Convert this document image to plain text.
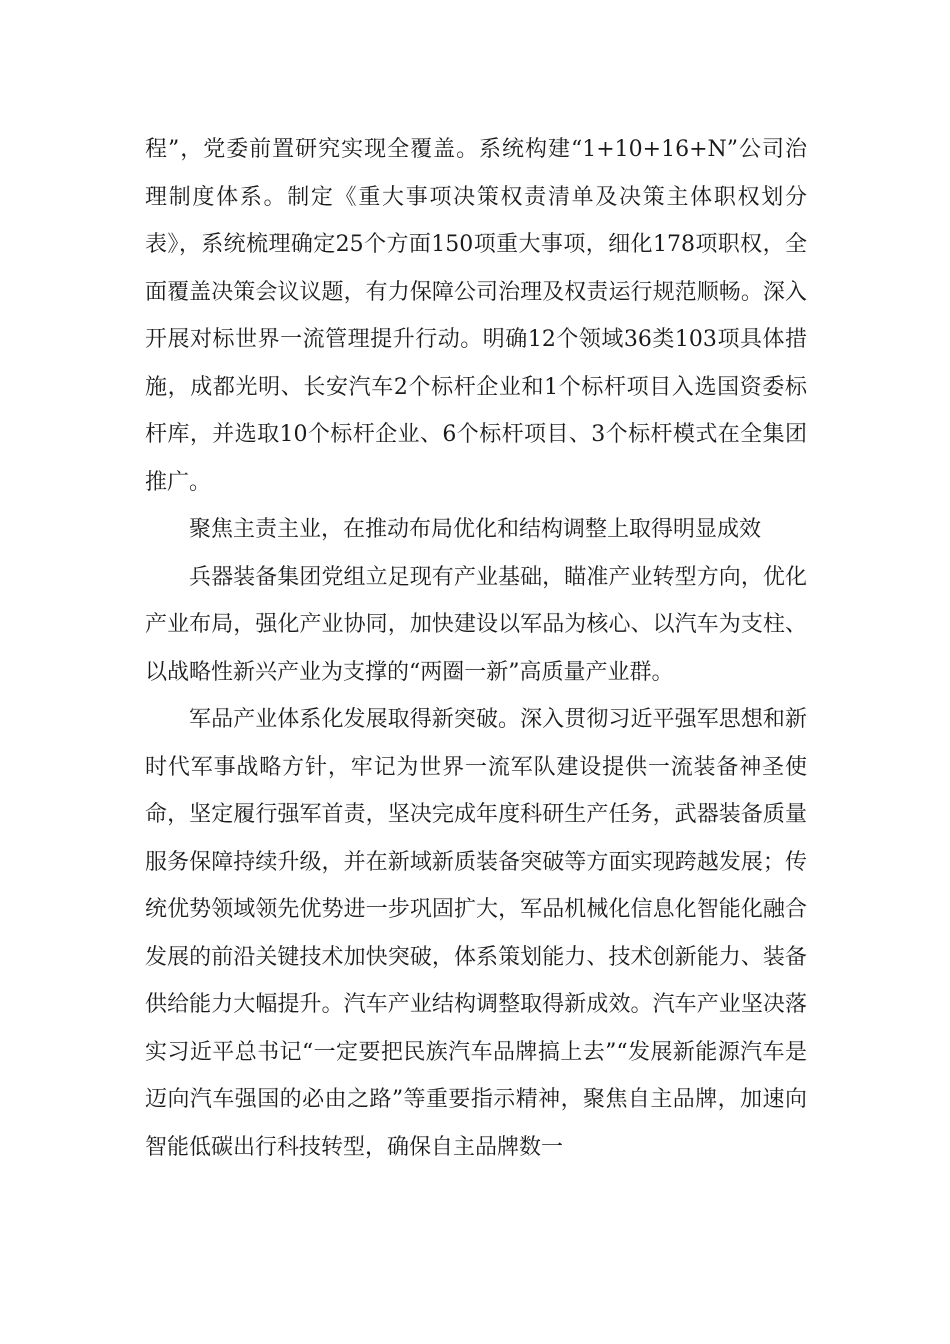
程”，党委前置研究实现全覆盖。系统构建“1+10+16+N”公司治理制度体系。制定《重大事项决策权责清单及决策主体职权划分表》，系统梳理确定25个方面150项重大事项，细化178项职权，全面覆盖决策会议议题，有力保障公司治理及权责运行规范顺畅。深入开展对标世界一流管理提升行动。明确12个领域36类103项具体措施，成都光明、长安汽车2个标杆企业和1个标杆项目入选国资委标杆库，并选取10个标杆企业、6个标杆项目、3个标杆模式在全集团推广。

聚焦主责主业，在推动布局优化和结构调整上取得明显成效

兵器装备集团党组立足现有产业基础，瞄准产业转型方向，优化产业布局，强化产业协同，加快建设以军品为核心、以汽车为支柱、以战略性新兴产业为支撑的“两圈一新”高质量产业群。

军品产业体系化发展取得新突破。深入贯彻习近平强军思想和新时代军事战略方针，牢记为世界一流军队建设提供一流装备神圣使命，坚定履行强军首责，坚决完成年度科研生产任务，武器装备质量服务保障持续升级，并在新域新质装备突破等方面实现跨越发展；传统优势领域领先优势进一步巩固扩大，军品机械化信息化智能化融合发展的前沿关键技术加快突破，体系策划能力、技术创新能力、装备供给能力大幅提升。汽车产业结构调整取得新成效。汽车产业坚决落实习近平总书记“一定要把民族汽车品牌搞上去”“发展新能源汽车是迈向汽车强国的必由之路”等重要指示精神，聚焦自主品牌，加速向智能低碳出行科技转型，确保自主品牌数一
